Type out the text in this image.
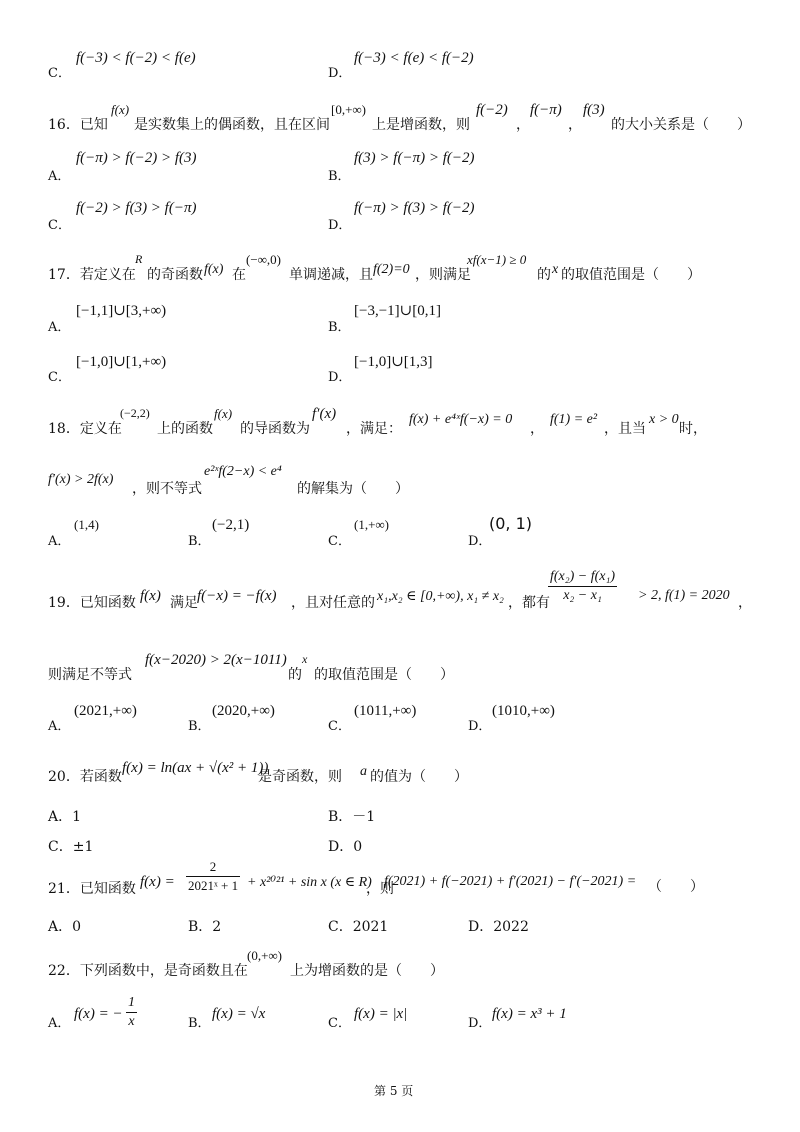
C．
f(−3) < f(−2) < f(e)
D．
f(−3) < f(e) < f(−2)
16．已知
f(x)
是实数集上的偶函数，且在区间
[0,+∞)
上是增函数，则
f(−2)
，
f(−π)
，
f(3)
的大小关系是（　　）
A．
f(−π) > f(−2) > f(3)
B．
f(3) > f(−π) > f(−2)
C．
f(−2) > f(3) > f(−π)
D．
f(−π) > f(3) > f(−2)
17．若定义在
R
的奇函数 f(x) 在
(−∞,0)
单调递减，且 f(2)=0 ，则满足
xf(x−1) ≥ 0
的 x 的取值范围是（　　）
A．
[−1,1]∪[3,+∞)
B．
[−3,−1]∪[0,1]
C．
[−1,0]∪[1,+∞)
D．
[−1,0]∪[1,3]
18．定义在
(−2,2)
上的函数
f(x)
的导函数为
f′(x)
，满足：
f(x) + e⁴ˣf(−x) = 0
，
f(1) = e²
，且当
x > 0
时，
f′(x) > 2f(x)
，则不等式
e²ˣf(2−x) < e⁴
的解集为（　　）
A．
(1,4)
B．
(−2,1)
C．
(1,+∞)
D．
(0, 1)
19．已知函数 f(x) 满足 f(−x) = −f(x) ，且对任意的 x₁,x₂ ∈ [0,+∞), x₁ ≠ x₂ ，都有
$\frac{\text{f(x₂) − f(x₁)}}{\text{x₂ − x₁}} > 2$, f(1) = 2020 ，
则满足不等式
f(x−2020) > 2(x−1011)
的
x
的取值范围是（　　）
A．
(2021,+∞)
B．
(2020,+∞)
C．
(1011,+∞)
D．
(1010,+∞)
20．若函数
f(x) = ln(ax + √(x² + 1))
是奇函数，则 a 的值为（　　）
A．1	B．－1
C．±1	D．0
21．已知函数 $f(x) = \frac{2}{\text{2021ˣ + 1}} + x^{2021} + \sin x$ (x ∈ R)
，则
f(2021) + f(−2021) + f′(2021) − f′(−2021) = （　　）
A．0	B．2	C．2021	D．2022
22．下列函数中，是奇函数且在
(0,+∞)
上为增函数的是（　　）
A．
f(x) = − $\frac{1}{x}$	B．
f(x) = √x
C．
f(x) = |x|
D．
f(x) = x³ + 1
第 5 页
